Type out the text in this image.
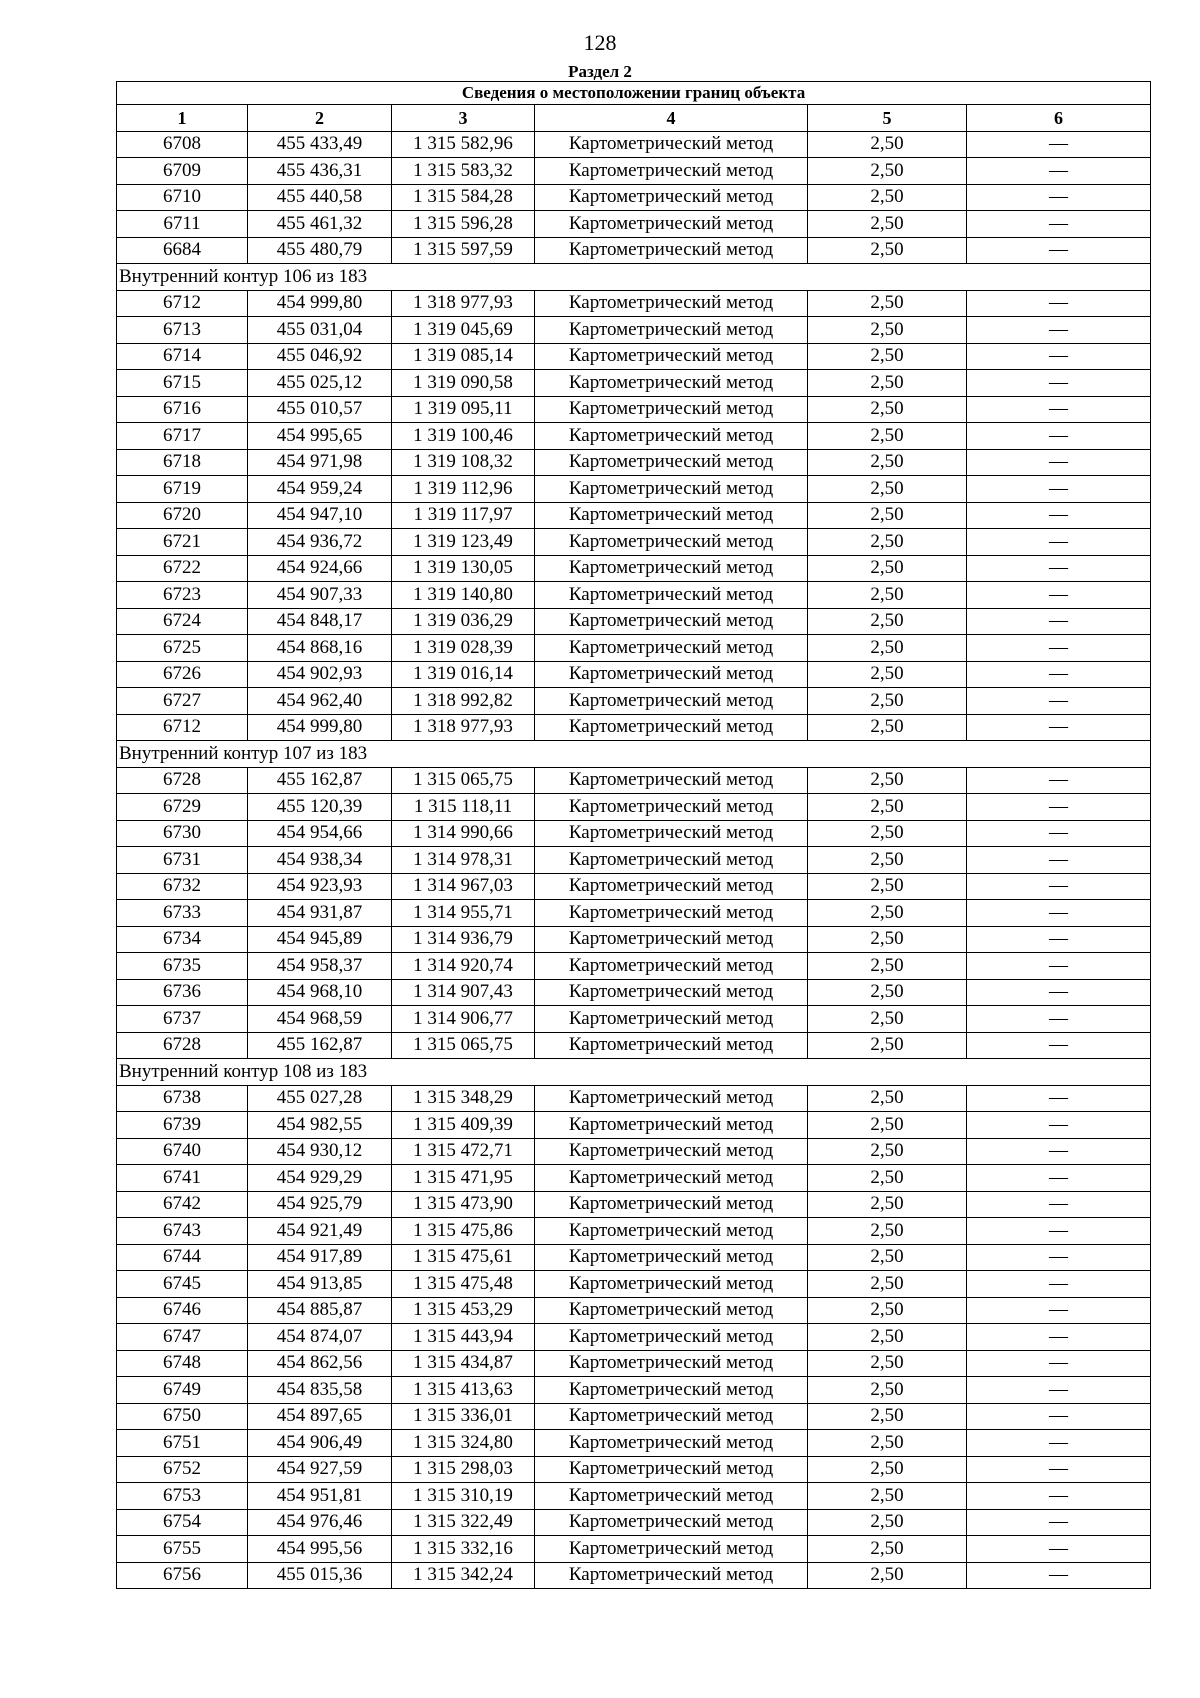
128
Раздел 2
Сведения о местоположении границ объекта					
1	2	3	4	5	6
6708	455 433,49	1 315 582,96	Картометрический метод	2,50	—
6709	455 436,31	1 315 583,32	Картометрический метод	2,50	—
6710	455 440,58	1 315 584,28	Картометрический метод	2,50	—
6711	455 461,32	1 315 596,28	Картометрический метод	2,50	—
6684	455 480,79	1 315 597,59	Картометрический метод	2,50	—
Внутренний контур 106 из 183					
6712	454 999,80	1 318 977,93	Картометрический метод	2,50	—
6713	455 031,04	1 319 045,69	Картометрический метод	2,50	—
6714	455 046,92	1 319 085,14	Картометрический метод	2,50	—
6715	455 025,12	1 319 090,58	Картометрический метод	2,50	—
6716	455 010,57	1 319 095,11	Картометрический метод	2,50	—
6717	454 995,65	1 319 100,46	Картометрический метод	2,50	—
6718	454 971,98	1 319 108,32	Картометрический метод	2,50	—
6719	454 959,24	1 319 112,96	Картометрический метод	2,50	—
6720	454 947,10	1 319 117,97	Картометрический метод	2,50	—
6721	454 936,72	1 319 123,49	Картометрический метод	2,50	—
6722	454 924,66	1 319 130,05	Картометрический метод	2,50	—
6723	454 907,33	1 319 140,80	Картометрический метод	2,50	—
6724	454 848,17	1 319 036,29	Картометрический метод	2,50	—
6725	454 868,16	1 319 028,39	Картометрический метод	2,50	—
6726	454 902,93	1 319 016,14	Картометрический метод	2,50	—
6727	454 962,40	1 318 992,82	Картометрический метод	2,50	—
6712	454 999,80	1 318 977,93	Картометрический метод	2,50	—
Внутренний контур 107 из 183					
6728	455 162,87	1 315 065,75	Картометрический метод	2,50	—
6729	455 120,39	1 315 118,11	Картометрический метод	2,50	—
6730	454 954,66	1 314 990,66	Картометрический метод	2,50	—
6731	454 938,34	1 314 978,31	Картометрический метод	2,50	—
6732	454 923,93	1 314 967,03	Картометрический метод	2,50	—
6733	454 931,87	1 314 955,71	Картометрический метод	2,50	—
6734	454 945,89	1 314 936,79	Картометрический метод	2,50	—
6735	454 958,37	1 314 920,74	Картометрический метод	2,50	—
6736	454 968,10	1 314 907,43	Картометрический метод	2,50	—
6737	454 968,59	1 314 906,77	Картометрический метод	2,50	—
6728	455 162,87	1 315 065,75	Картометрический метод	2,50	—
Внутренний контур 108 из 183					
6738	455 027,28	1 315 348,29	Картометрический метод	2,50	—
6739	454 982,55	1 315 409,39	Картометрический метод	2,50	—
6740	454 930,12	1 315 472,71	Картометрический метод	2,50	—
6741	454 929,29	1 315 471,95	Картометрический метод	2,50	—
6742	454 925,79	1 315 473,90	Картометрический метод	2,50	—
6743	454 921,49	1 315 475,86	Картометрический метод	2,50	—
6744	454 917,89	1 315 475,61	Картометрический метод	2,50	—
6745	454 913,85	1 315 475,48	Картометрический метод	2,50	—
6746	454 885,87	1 315 453,29	Картометрический метод	2,50	—
6747	454 874,07	1 315 443,94	Картометрический метод	2,50	—
6748	454 862,56	1 315 434,87	Картометрический метод	2,50	—
6749	454 835,58	1 315 413,63	Картометрический метод	2,50	—
6750	454 897,65	1 315 336,01	Картометрический метод	2,50	—
6751	454 906,49	1 315 324,80	Картометрический метод	2,50	—
6752	454 927,59	1 315 298,03	Картометрический метод	2,50	—
6753	454 951,81	1 315 310,19	Картометрический метод	2,50	—
6754	454 976,46	1 315 322,49	Картометрический метод	2,50	—
6755	454 995,56	1 315 332,16	Картометрический метод	2,50	—
6756	455 015,36	1 315 342,24	Картометрический метод	2,50	—
